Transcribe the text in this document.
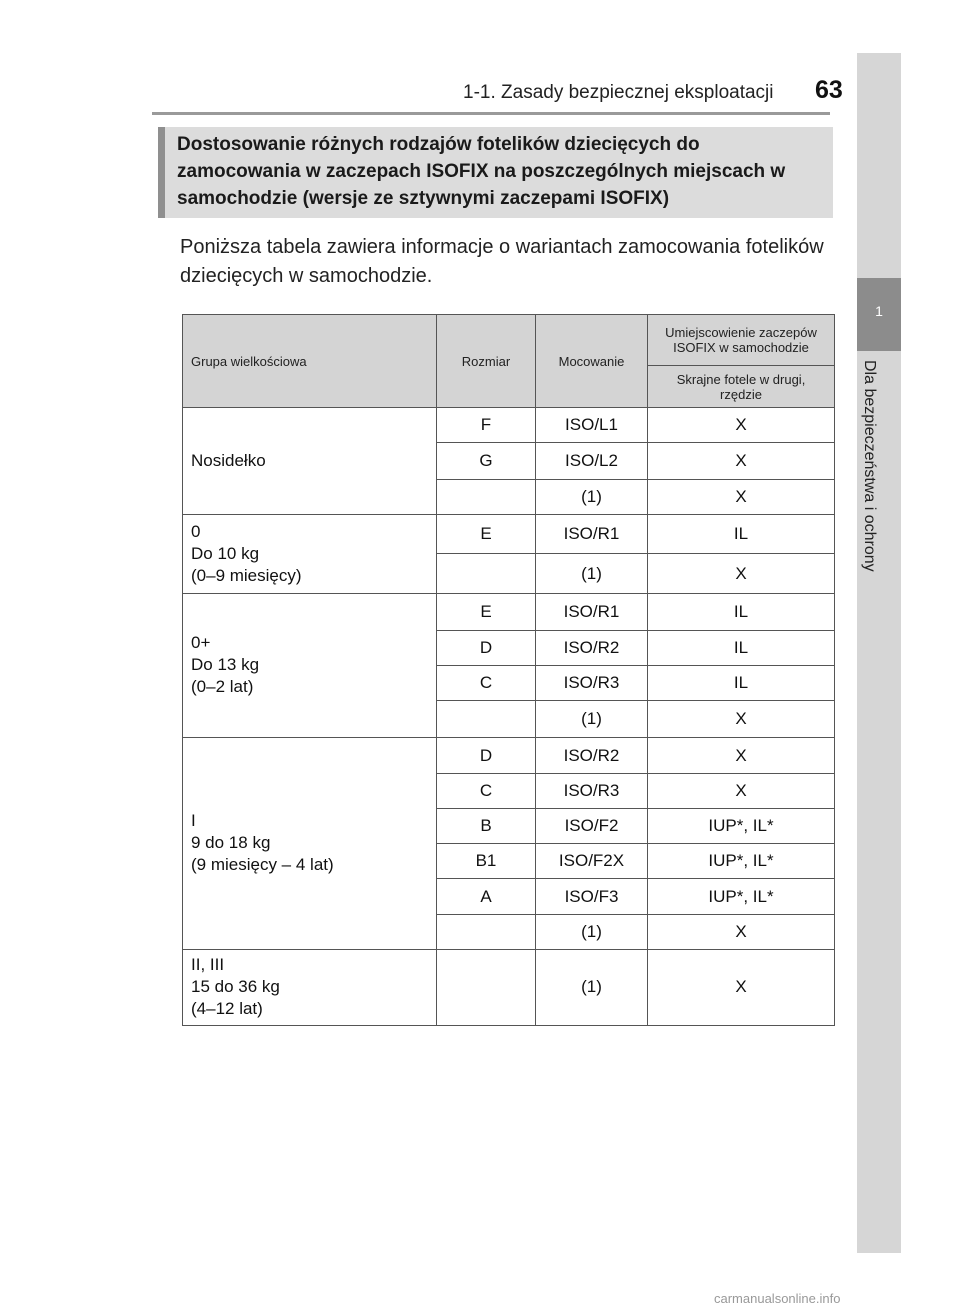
1
Dla bezpieczeństwa i ochrony
1-1. Zasady bezpiecznej eksploatacji 63
Dostosowanie różnych rodzajów fotelików dziecięcych do zamocowania w zaczepach ISOFIX na poszczególnych miejscach w samochodzie (wersje ze sztywnymi zaczepami ISOFIX)
Poniższa tabela zawiera informacje o wariantach zamocowania fotelików dziecięcych w samochodzie.
Grupa wielkościowa	Rozmiar	Mocowanie	Umiejscowienie zaczepów ISOFIX w samochodzie
			Skrajne fotele w drugi, rzędzie
Nosidełko	F	ISO/L1	X
	G	ISO/L2	X
		(1)	X
0
Do 10 kg
(0–9 miesięcy)	E	ISO/R1	IL
		(1)	X
0+
Do 13 kg
(0–2 lat)	E	ISO/R1	IL
	D	ISO/R2	IL
	C	ISO/R3	IL
		(1)	X
I
9 do 18 kg
(9 miesięcy – 4 lat)	D	ISO/R2	X
	C	ISO/R3	X
	B	ISO/F2	IUP*, IL*
	B1	ISO/F2X	IUP*, IL*
	A	ISO/F3	IUP*, IL*
		(1)	X
II, III
15 do 36 kg
(4–12 lat)		(1)	X
carmanualsonline.info
